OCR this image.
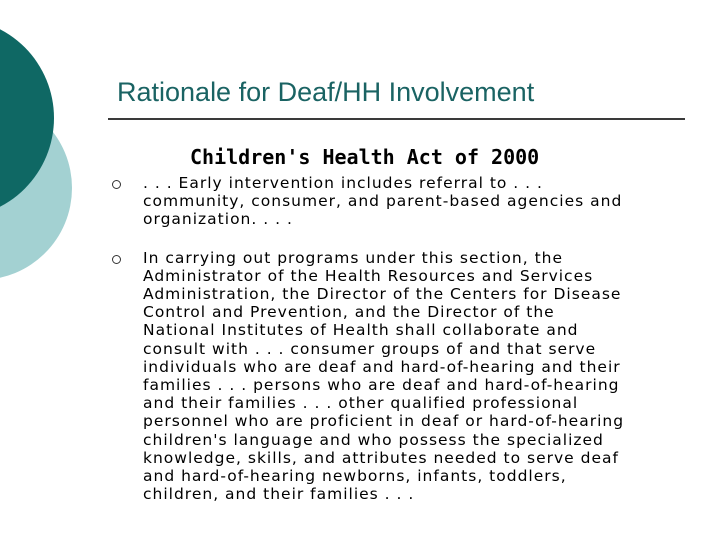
Rationale for Deaf/HH Involvement
Children's Health Act of 2000
. . . Early intervention includes referral to . . .
community, consumer, and parent-based agencies and
organization. . . .
In carrying out programs under this section, the
Administrator of the Health Resources and Services
Administration, the Director of the Centers for Disease
Control and Prevention, and the Director of the
National Institutes of Health shall collaborate and
consult with . . . consumer groups of and that serve
individuals who are deaf and hard-of-hearing and their
families . . . persons who are deaf and hard-of-hearing
and their families . . . other qualified professional
personnel who are proficient in deaf or hard-of-hearing
children's language and who possess the specialized
knowledge, skills, and attributes needed to serve deaf
and hard-of-hearing newborns, infants, toddlers,
children, and their families . . .
